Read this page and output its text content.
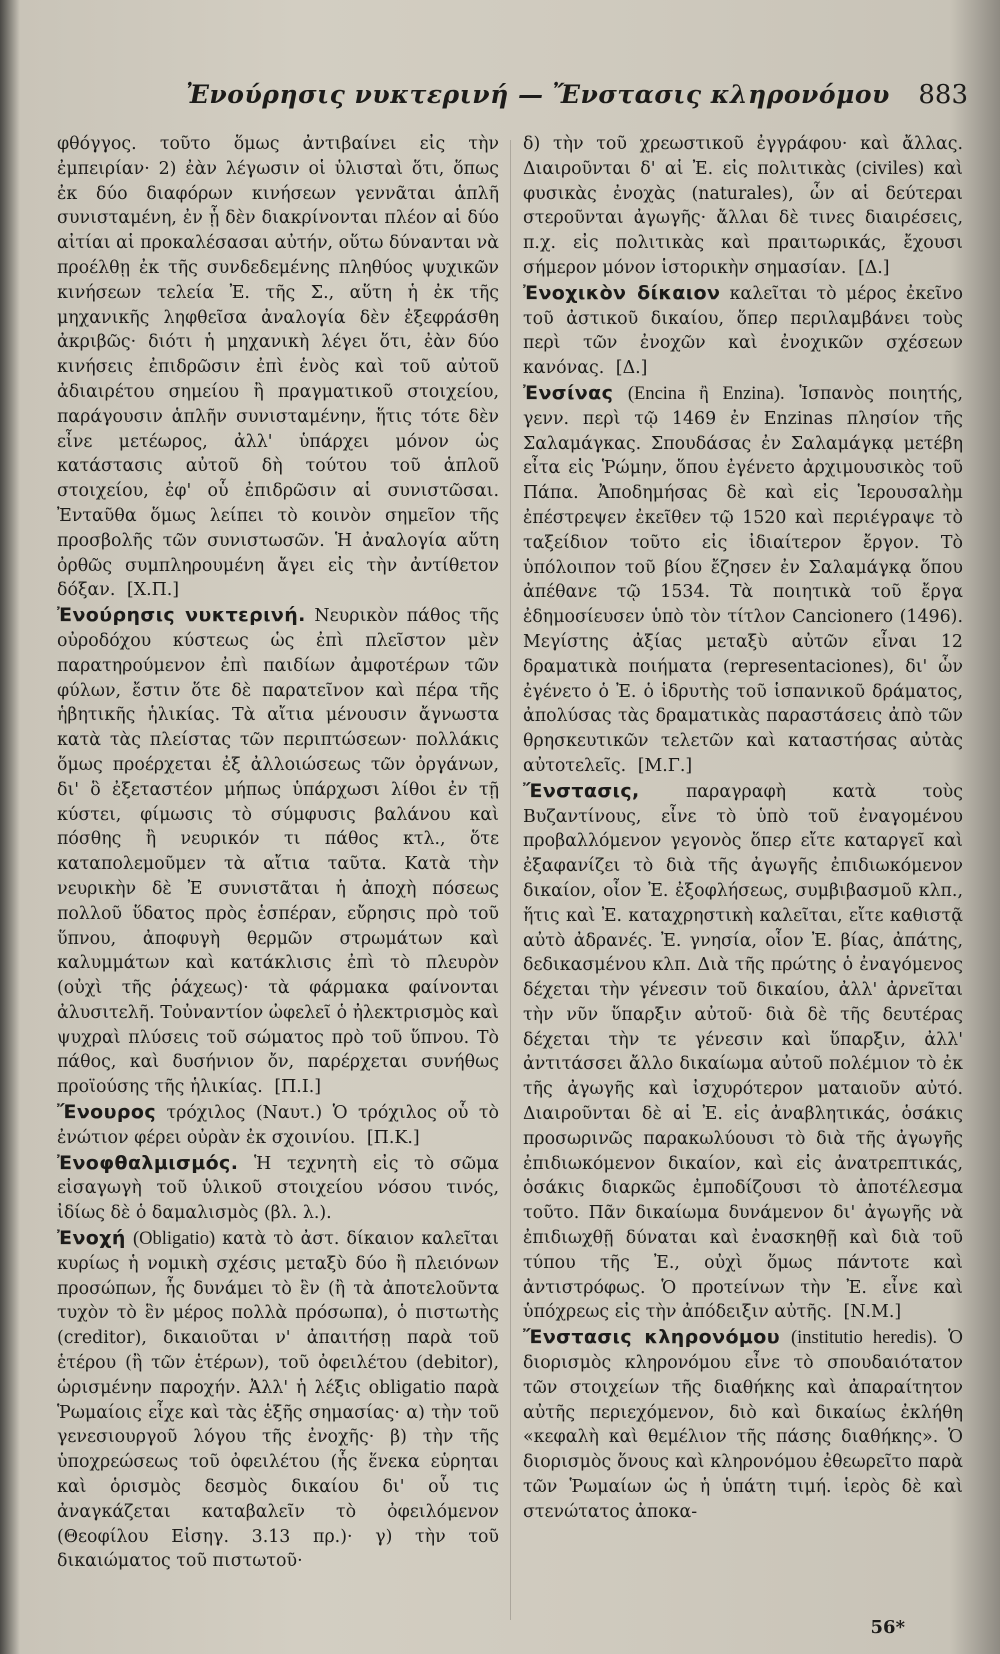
Ἐνούρησις νυκτερινή — Ἔνστασις κληρονόμου 883

φθόγγος. τοῦτο ὅμως ἀντιβαίνει εἰς τὴν ἐμπειρίαν· 2) ἐὰν λέγωσιν οἱ ὑλισταὶ ὅτι, ὅπως ἐκ δύο διαφόρων κινήσεων γεννᾶται ἁπλῆ συνισταμένη, ἐν ᾗ δὲν διακρίνονται πλέον αἱ δύο αἰτίαι αἱ προκαλέσασαι αὐτήν, οὕτω δύνανται νὰ προέλθῃ ἐκ τῆς συνδεδεμένης πληθύος ψυχικῶν κινήσεων τελεία Ἐ. τῆς Σ., αὕτη ἡ ἐκ τῆς μηχανικῆς ληφθεῖσα ἀναλογία δὲν ἐξεφράσθη ἀκριβῶς· διότι ἡ μηχανικὴ λέγει ὅτι, ἐὰν δύο κινήσεις ἐπιδρῶσιν ἐπὶ ἑνὸς καὶ τοῦ αὐτοῦ ἀδιαιρέτου σημείου ἢ πραγματικοῦ στοιχείου, παράγουσιν ἁπλῆν συνισταμένην, ἥτις τότε δὲν εἶνε μετέωρος, ἀλλ' ὑπάρχει μόνον ὡς κατάστασις αὐτοῦ δὴ τούτου τοῦ ἁπλοῦ στοιχείου, ἐφ' οὗ ἐπιδρῶσιν αἱ συνιστῶσαι. Ἐνταῦθα ὅμως λείπει τὸ κοινὸν σημεῖον τῆς προσβολῆς τῶν συνιστωσῶν. Ἡ ἀναλογία αὕτη ὀρθῶς συμπληρουμένη ἄγει εἰς τὴν ἀντίθετον δόξαν. [Χ.Π.]

Ἐνούρησις νυκτερινή. Νευρικὸν πάθος τῆς οὐροδόχου κύστεως ὡς ἐπὶ πλεῖστον μὲν παρατηρούμενον ἐπὶ παιδίων ἀμφοτέρων τῶν φύλων, ἔστιν ὅτε δὲ παρατεῖνον καὶ πέρα τῆς ἡβητικῆς ἡλικίας. Τὰ αἴτια μένουσιν ἄγνωστα κατὰ τὰς πλείστας τῶν περιπτώσεων· πολλάκις ὅμως προέρχεται ἐξ ἀλλοιώσεως τῶν ὀργάνων, δι' ὃ ἐξεταστέον μήπως ὑπάρχωσι λίθοι ἐν τῇ κύστει, φίμωσις τὸ σύμφυσις βαλάνου καὶ πόσθης ἢ νευρικόν τι πάθος κτλ., ὅτε καταπολεμοῦμεν τὰ αἴτια ταῦτα. Κατὰ τὴν νευρικὴν δὲ Ἐ συνιστᾶται ἡ ἀποχὴ πόσεως πολλοῦ ὕδατος πρὸς ἑσπέραν, εὔρησις πρὸ τοῦ ὕπνου, ἀποφυγὴ θερμῶν στρωμάτων καὶ καλυμμάτων καὶ κατάκλισις ἐπὶ τὸ πλευρὸν (οὐχὶ τῆς ῥάχεως)· τὰ φάρμακα φαίνονται ἀλυσιτελῆ. Τοὐναντίον ὠφελεῖ ὁ ἠλεκτρισμὸς καὶ ψυχραὶ πλύσεις τοῦ σώματος πρὸ τοῦ ὕπνου. Τὸ πάθος, καὶ δυσήνιον ὄν, παρέρχεται συνήθως προϊούσης τῆς ἡλικίας. [Π.Ι.]

Ἔνουρος τρόχιλος (Ναυτ.) Ὁ τρόχιλος οὗ τὸ ἐνώτιον φέρει οὐρὰν ἐκ σχοινίου. [Π.Κ.]

Ἐνοφθαλμισμός. Ἡ τεχνητὴ εἰς τὸ σῶμα εἰσαγωγὴ τοῦ ὑλικοῦ στοιχείου νόσου τινός, ἰδίως δὲ ὁ δαμαλισμὸς (βλ. λ.).

Ἐνοχή (Obligatio) κατὰ τὸ ἀστ. δίκαιον καλεῖται κυρίως ἡ νομικὴ σχέσις μεταξὺ δύο ἢ πλειόνων προσώπων, ἧς δυνάμει τὸ ἓν (ἢ τὰ ἀποτελοῦντα τυχὸν τὸ ἓν μέρος πολλὰ πρόσωπα), ὁ πιστωτὴς (creditor), δικαιοῦται ν' ἀπαιτήσῃ παρὰ τοῦ ἑτέρου (ἢ τῶν ἑτέρων), τοῦ ὀφειλέτου (debitor), ὡρισμένην παροχήν. Ἀλλ' ἡ λέξις obligatio παρὰ Ῥωμαίοις εἶχε καὶ τὰς ἑξῆς σημασίας· α) τὴν τοῦ γενεσιουργοῦ λόγου τῆς ἐνοχῆς· β) τὴν τῆς ὑποχρεώσεως τοῦ ὀφειλέτου (ἧς ἕνεκα εὑρηται καὶ ὁρισμὸς δεσμὸς δικαίου δι' οὗ τις ἀναγκάζεται καταβαλεῖν τὸ ὀφειλόμενον (Θεοφίλου Εἰσηγ. 3.13 πρ.)· γ) τὴν τοῦ δικαιώματος τοῦ πιστωτοῦ·

δ) τὴν τοῦ χρεωστικοῦ ἐγγράφου· καὶ ἄλλας. Διαιροῦνται δ' αἱ Ἐ. εἰς πολιτικὰς (civiles) καὶ φυσικὰς ἐνοχὰς (naturales), ὧν αἱ δεύτεραι στεροῦνται ἀγωγῆς· ἄλλαι δὲ τινες διαιρέσεις, π.χ. εἰς πολιτικὰς καὶ πραιτωρικάς, ἔχουσι σήμερον μόνον ἱστορικὴν σημασίαν. [Δ.]

Ἐνοχικὸν δίκαιον καλεῖται τὸ μέρος ἐκεῖνο τοῦ ἀστικοῦ δικαίου, ὅπερ περιλαμβάνει τοὺς περὶ τῶν ἐνοχῶν καὶ ἐνοχικῶν σχέσεων κανόνας. [Δ.]

Ἐνσίνας (Encina ἢ Enzina). Ἱσπανὸς ποιητής, γενν. περὶ τῷ 1469 ἐν Enzinas πλησίον τῆς Σαλαμάγκας. Σπουδάσας ἐν Σαλαμάγκᾳ μετέβη εἶτα εἰς Ῥώμην, ὅπου ἐγένετο ἀρχιμουσικὸς τοῦ Πάπα. Ἀποδημήσας δὲ καὶ εἰς Ἱερουσαλὴμ ἐπέστρεψεν ἐκεῖθεν τῷ 1520 καὶ περιέγραψε τὸ ταξείδιον τοῦτο εἰς ἰδιαίτερον ἔργον. Τὸ ὑπόλοιπον τοῦ βίου ἔζησεν ἐν Σαλαμάγκᾳ ὅπου ἀπέθανε τῷ 1534. Τὰ ποιητικὰ τοῦ ἔργα ἐδημοσίευσεν ὑπὸ τὸν τίτλον Cancionero (1496). Μεγίστης ἀξίας μεταξὺ αὐτῶν εἶναι 12 δραματικὰ ποιήματα (representaciones), δι' ὧν ἐγένετο ὁ Ἐ. ὁ ἱδρυτὴς τοῦ ἱσπανικοῦ δράματος, ἀπολύσας τὰς δραματικὰς παραστάσεις ἀπὸ τῶν θρησκευτικῶν τελετῶν καὶ καταστήσας αὐτὰς αὐτοτελεῖς. [Μ.Γ.]

Ἔνστασις,	παραγραφὴ κατὰ τοὺς Βυζαντίνους, εἶνε τὸ ὑπὸ τοῦ ἐναγομένου προβαλλόμενον γεγονὸς ὅπερ εἴτε καταργεῖ καὶ ἐξαφανίζει τὸ διὰ τῆς ἀγωγῆς ἐπιδιωκόμενον δικαίον, οἷον Ἐ. ἐξοφλήσεως, συμβιβασμοῦ κλπ., ἥτις καὶ Ἐ. καταχρηστικὴ καλεῖται, εἴτε καθιστᾷ αὐτὸ ἀδρανές. Ἐ. γνησία, οἷον Ἐ. βίας, ἀπάτης, δεδικασμένου κλπ. Διὰ τῆς πρώτης ὁ ἐναγόμενος δέχεται τὴν γένεσιν τοῦ δικαίου, ἀλλ' ἀρνεῖται τὴν νῦν ὕπαρξιν αὐτοῦ· διὰ δὲ τῆς δευτέρας δέχεται τὴν τε γένεσιν καὶ ὕπαρξιν, ἀλλ' ἀντιτάσσει ἄλλο δικαίωμα αὐτοῦ πολέμιον τὸ ἐκ τῆς ἀγωγῆς καὶ ἰσχυρότερον ματαιοῦν αὐτό. Διαιροῦνται δὲ αἱ Ἐ. εἰς ἀναβλητικάς, ὁσάκις προσωρινῶς παρακωλύουσι τὸ διὰ τῆς ἀγωγῆς ἐπιδιωκόμενον δικαίον, καὶ εἰς ἀνατρεπτικάς, ὁσάκις διαρκῶς ἐμποδίζουσι τὸ ἀποτέλεσμα τοῦτο. Πᾶν δικαίωμα δυνάμενον δι' ἀγωγῆς νὰ ἐπιδιωχθῇ δύναται καὶ ἐνασκηθῇ καὶ διὰ τοῦ τύπου τῆς Ἐ., οὐχὶ ὅμως πάντοτε καὶ ἀντιστρόφως. Ὁ προτείνων τὴν Ἐ. εἶνε καὶ ὑπόχρεως εἰς τὴν ἀπόδειξιν αὐτῆς. [Ν.Μ.]

Ἔνστασις κληρονόμου (institutio heredis). Ὁ διορισμὸς κληρονόμου εἶνε τὸ σπουδαιότατον τῶν στοιχείων τῆς διαθήκης καὶ ἀπαραίτητον αὐτῆς περιεχόμενον, διὸ καὶ δικαίως ἐκλήθη «κεφαλὴ καὶ θεμέλιον τῆς πάσης διαθήκης». Ὁ διορισμὸς ὅνους καὶ κληρονόμου ἐθεωρεῖτο παρὰ τῶν Ῥωμαίων ὡς ἡ ὑπάτη τιμή. ἱερὸς δὲ καὶ στενώτατος ἀποκα-

56*
